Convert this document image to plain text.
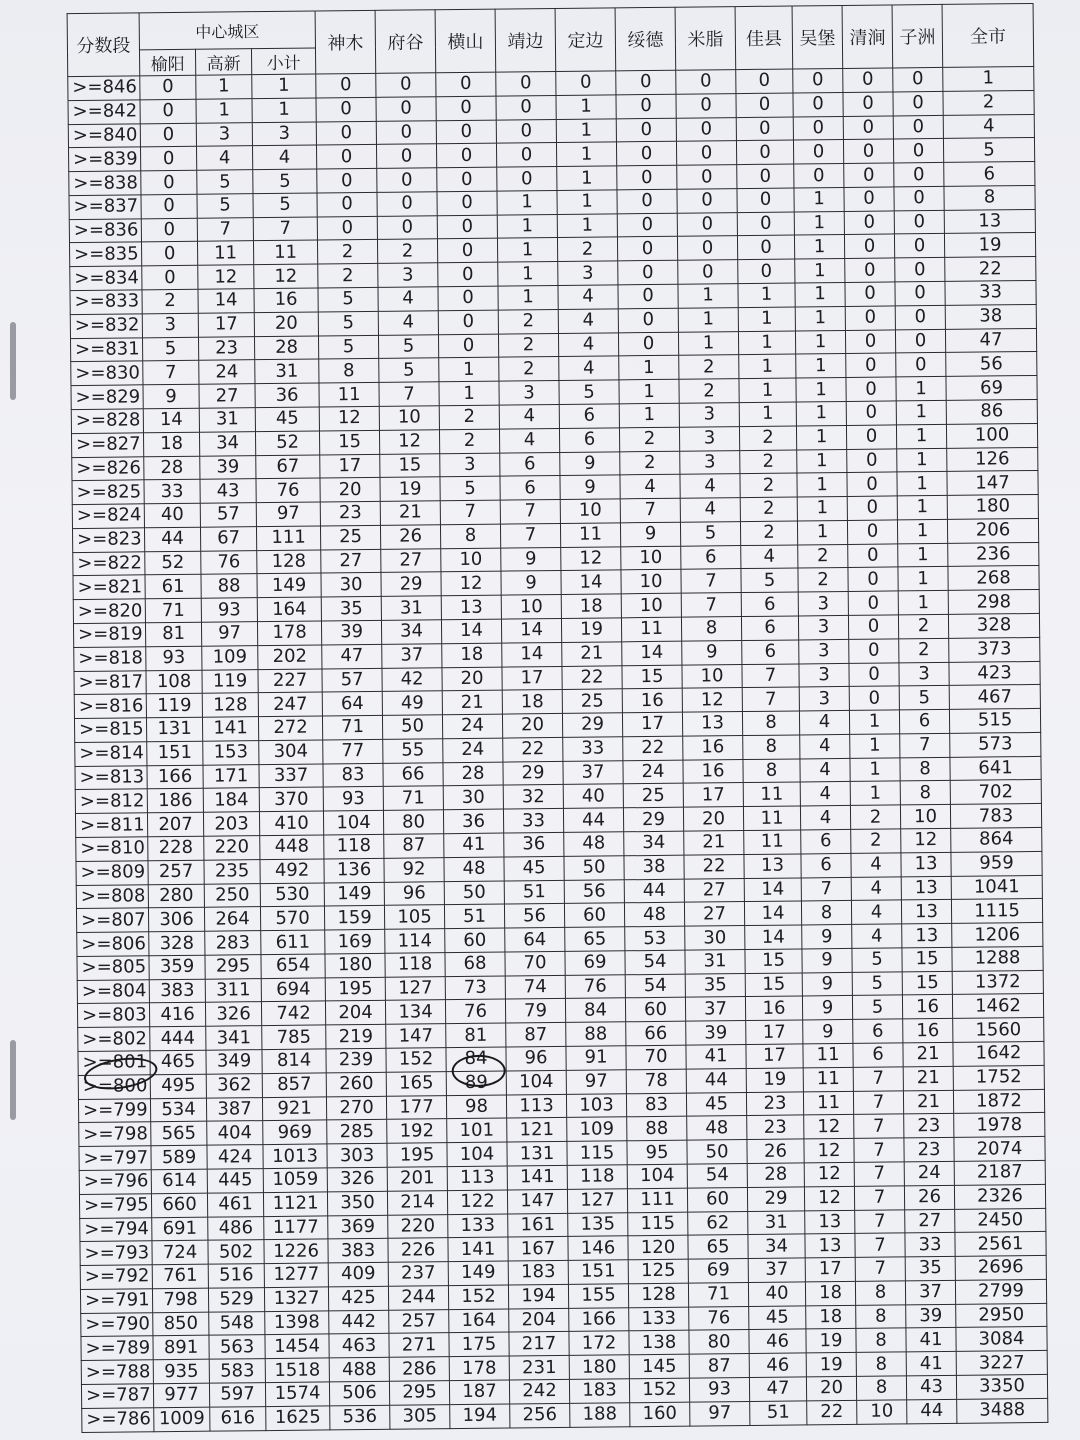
分数段	中心城区			神木	府谷	横山	靖边	定边	绥德	米脂	佳县	吴堡	清涧	子洲	全市
	榆阳	高新	小计												
>=846	0	1	1	0	0	0	0	0	0	0	0	0	0	0	1
>=842	0	1	1	0	0	0	0	1	0	0	0	0	0	0	2
>=840	0	3	3	0	0	0	0	1	0	0	0	0	0	0	4
>=839	0	4	4	0	0	0	0	1	0	0	0	0	0	0	5
>=838	0	5	5	0	0	0	0	1	0	0	0	0	0	0	6
>=837	0	5	5	0	0	0	1	1	0	0	0	1	0	0	8
>=836	0	7	7	0	0	0	1	1	0	0	0	1	0	0	13
>=835	0	11	11	2	2	0	1	2	0	0	0	1	0	0	19
>=834	0	12	12	2	3	0	1	3	0	0	0	1	0	0	22
>=833	2	14	16	5	4	0	1	4	0	1	1	1	0	0	33
>=832	3	17	20	5	4	0	2	4	0	1	1	1	0	0	38
>=831	5	23	28	5	5	0	2	4	0	1	1	1	0	0	47
>=830	7	24	31	8	5	1	2	4	1	2	1	1	0	0	56
>=829	9	27	36	11	7	1	3	5	1	2	1	1	0	1	69
>=828	14	31	45	12	10	2	4	6	1	3	1	1	0	1	86
>=827	18	34	52	15	12	2	4	6	2	3	2	1	0	1	100
>=826	28	39	67	17	15	3	6	9	2	3	2	1	0	1	126
>=825	33	43	76	20	19	5	6	9	4	4	2	1	0	1	147
>=824	40	57	97	23	21	7	7	10	7	4	2	1	0	1	180
>=823	44	67	111	25	26	8	7	11	9	5	2	1	0	1	206
>=822	52	76	128	27	27	10	9	12	10	6	4	2	0	1	236
>=821	61	88	149	30	29	12	9	14	10	7	5	2	0	1	268
>=820	71	93	164	35	31	13	10	18	10	7	6	3	0	1	298
>=819	81	97	178	39	34	14	14	19	11	8	6	3	0	2	328
>=818	93	109	202	47	37	18	14	21	14	9	6	3	0	2	373
>=817	108	119	227	57	42	20	17	22	15	10	7	3	0	3	423
>=816	119	128	247	64	49	21	18	25	16	12	7	3	0	5	467
>=815	131	141	272	71	50	24	20	29	17	13	8	4	1	6	515
>=814	151	153	304	77	55	24	22	33	22	16	8	4	1	7	573
>=813	166	171	337	83	66	28	29	37	24	16	8	4	1	8	641
>=812	186	184	370	93	71	30	32	40	25	17	11	4	1	8	702
>=811	207	203	410	104	80	36	33	44	29	20	11	4	2	10	783
>=810	228	220	448	118	87	41	36	48	34	21	11	6	2	12	864
>=809	257	235	492	136	92	48	45	50	38	22	13	6	4	13	959
>=808	280	250	530	149	96	50	51	56	44	27	14	7	4	13	1041
>=807	306	264	570	159	105	51	56	60	48	27	14	8	4	13	1115
>=806	328	283	611	169	114	60	64	65	53	30	14	9	4	13	1206
>=805	359	295	654	180	118	68	70	69	54	31	15	9	5	15	1288
>=804	383	311	694	195	127	73	74	76	54	35	15	9	5	15	1372
>=803	416	326	742	204	134	76	79	84	60	37	16	9	5	16	1462
>=802	444	341	785	219	147	81	87	88	66	39	17	9	6	16	1560
>=801	465	349	814	239	152	84	96	91	70	41	17	11	6	21	1642
>=800	495	362	857	260	165	89	104	97	78	44	19	11	7	21	1752
>=799	534	387	921	270	177	98	113	103	83	45	23	11	7	21	1872
>=798	565	404	969	285	192	101	121	109	88	48	23	12	7	23	1978
>=797	589	424	1013	303	195	104	131	115	95	50	26	12	7	23	2074
>=796	614	445	1059	326	201	113	141	118	104	54	28	12	7	24	2187
>=795	660	461	1121	350	214	122	147	127	111	60	29	12	7	26	2326
>=794	691	486	1177	369	220	133	161	135	115	62	31	13	7	27	2450
>=793	724	502	1226	383	226	141	167	146	120	65	34	13	7	33	2561
>=792	761	516	1277	409	237	149	183	151	125	69	37	17	7	35	2696
>=791	798	529	1327	425	244	152	194	155	128	71	40	18	8	37	2799
>=790	850	548	1398	442	257	164	204	166	133	76	45	18	8	39	2950
>=789	891	563	1454	463	271	175	217	172	138	80	46	19	8	41	3084
>=788	935	583	1518	488	286	178	231	180	145	87	46	19	8	41	3227
>=787	977	597	1574	506	295	187	242	183	152	93	47	20	8	43	3350
>=786	1009	616	1625	536	305	194	256	188	160	97	51	22	10	44	3488
